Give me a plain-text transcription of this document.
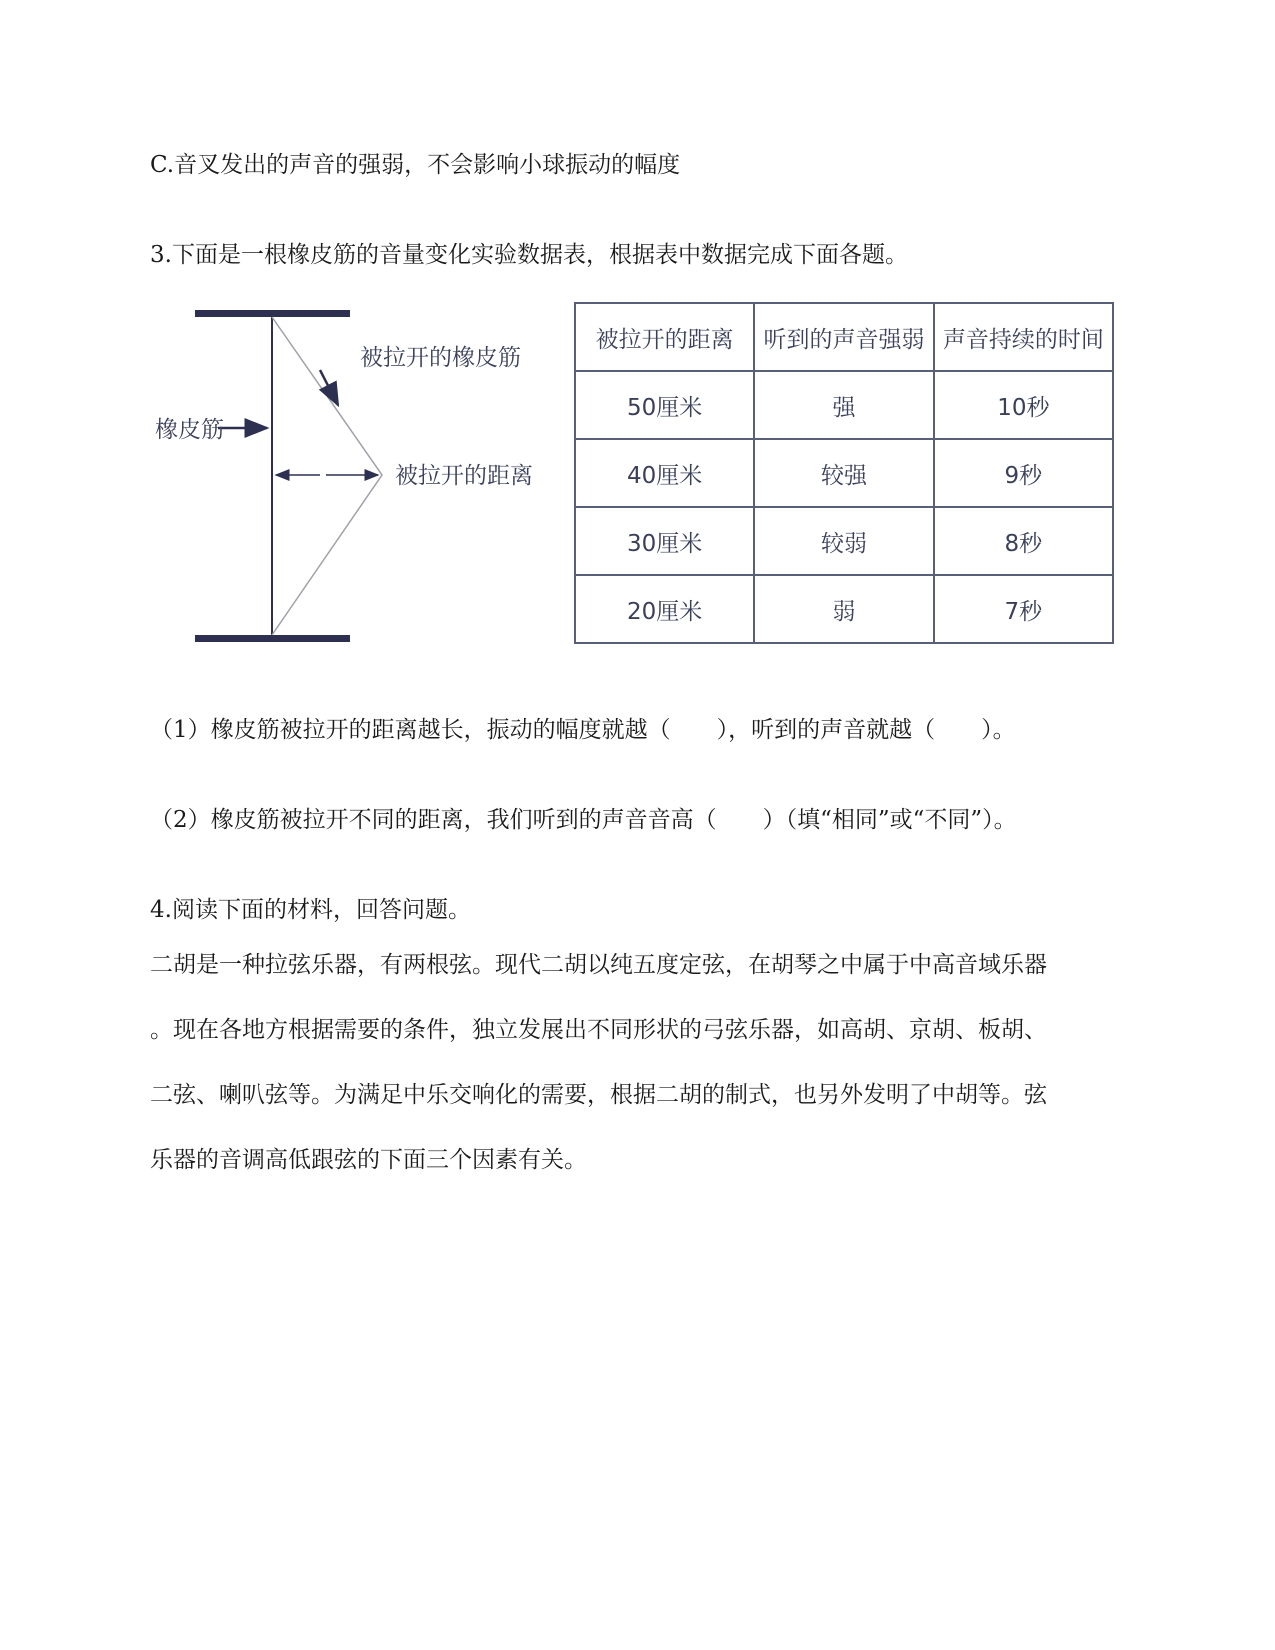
C.音叉发出的声音的强弱，不会影响小球振动的幅度

3.下面是一根橡皮筋的音量变化实验数据表，根据表中数据完成下面各题。

被拉开的橡皮筋
橡皮筋
被拉开的距离
被拉开的距离	听到的声音强弱	声音持续的时间
50厘米	强	10秒
40厘米	较强	9秒
30厘米	较弱	8秒
20厘米	弱	7秒

（1）橡皮筋被拉开的距离越长，振动的幅度就越（　　），听到的声音就越（　　）。

（2）橡皮筋被拉开不同的距离，我们听到的声音音高（　　）（填“相同”或“不同”）。

4.阅读下面的材料，回答问题。

二胡是一种拉弦乐器，有两根弦。现代二胡以纯五度定弦，在胡琴之中属于中高音域乐器

。现在各地方根据需要的条件，独立发展出不同形状的弓弦乐器，如高胡、京胡、板胡、

二弦、喇叭弦等。为满足中乐交响化的需要，根据二胡的制式，也另外发明了中胡等。弦

乐器的音调高低跟弦的下面三个因素有关。
